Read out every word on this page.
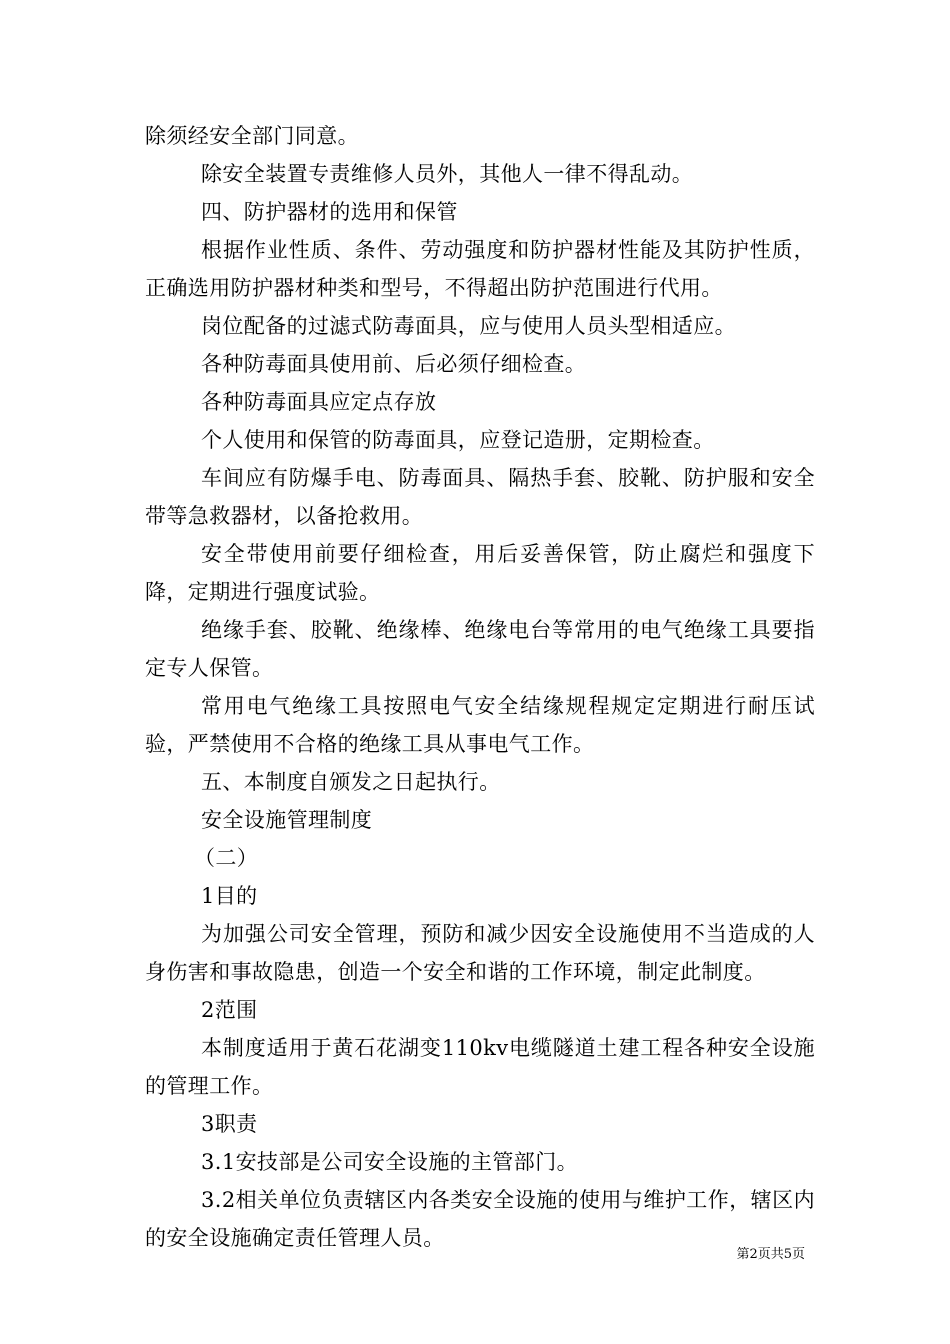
除须经安全部门同意。

除安全装置专责维修人员外，其他人一律不得乱动。

四、防护器材的选用和保管

根据作业性质、条件、劳动强度和防护器材性能及其防护性质，正确选用防护器材种类和型号，不得超出防护范围进行代用。

岗位配备的过滤式防毒面具，应与使用人员头型相适应。

各种防毒面具使用前、后必须仔细检查。

各种防毒面具应定点存放

个人使用和保管的防毒面具，应登记造册，定期检查。

车间应有防爆手电、防毒面具、隔热手套、胶靴、防护服和安全带等急救器材，以备抢救用。

安全带使用前要仔细检查，用后妥善保管，防止腐烂和强度下降，定期进行强度试验。

绝缘手套、胶靴、绝缘棒、绝缘电台等常用的电气绝缘工具要指定专人保管。

常用电气绝缘工具按照电气安全结缘规程规定定期进行耐压试验，严禁使用不合格的绝缘工具从事电气工作。

五、本制度自颁发之日起执行。

安全设施管理制度

（二）

1目的

为加强公司安全管理，预防和减少因安全设施使用不当造成的人身伤害和事故隐患，创造一个安全和谐的工作环境，制定此制度。

2范围

本制度适用于黄石花湖变110kv电缆隧道土建工程各种安全设施的管理工作。

3职责

3.1安技部是公司安全设施的主管部门。

3.2相关单位负责辖区内各类安全设施的使用与维护工作，辖区内的安全设施确定责任管理人员。

第2页共5页
